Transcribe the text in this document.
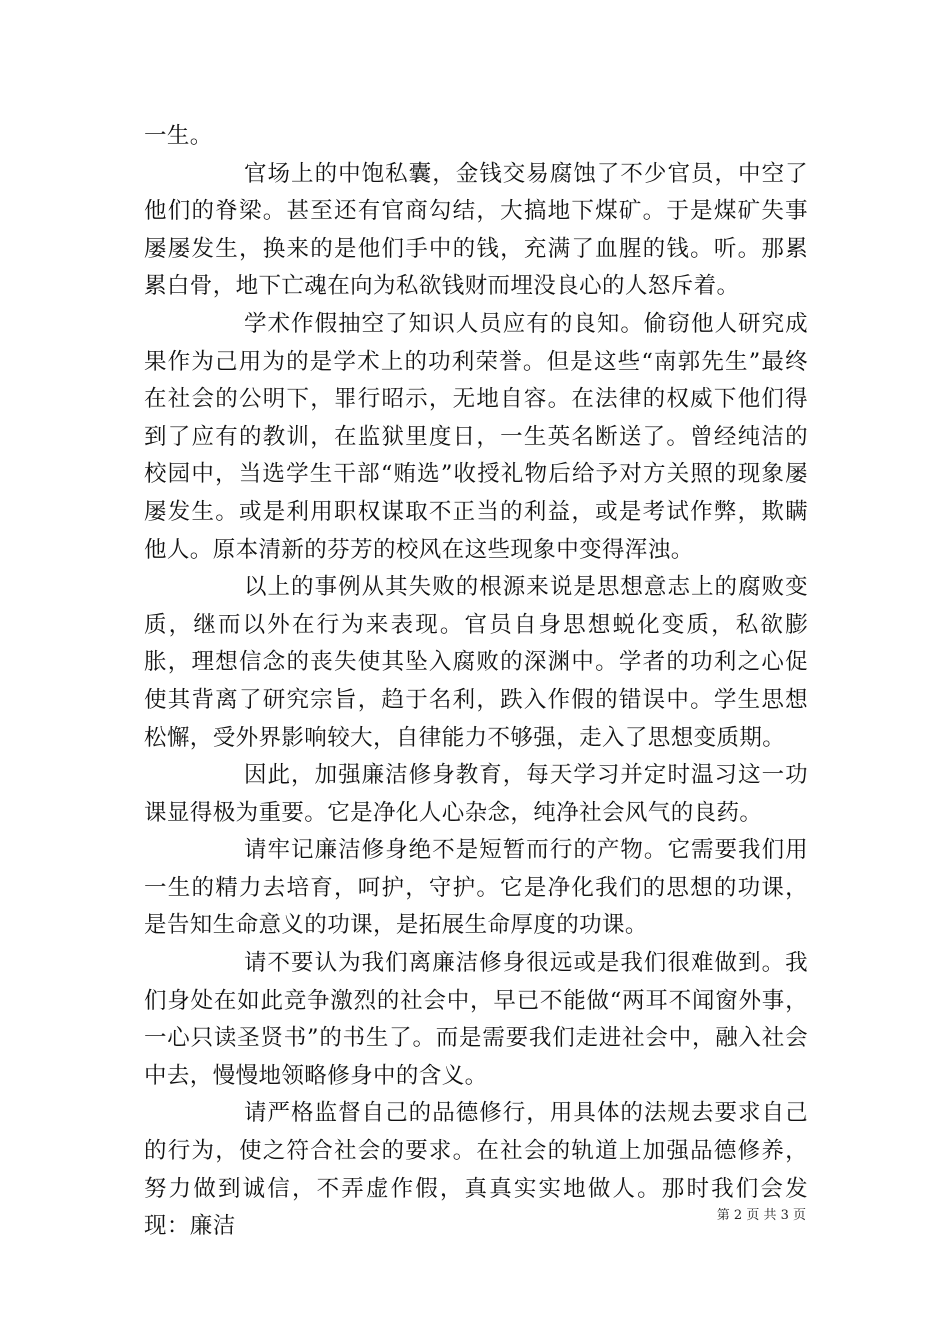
一生。

官场上的中饱私囊，金钱交易腐蚀了不少官员，中空了他们的脊梁。甚至还有官商勾结，大搞地下煤矿。于是煤矿失事屡屡发生，换来的是他们手中的钱，充满了血腥的钱。听。那累累白骨，地下亡魂在向为私欲钱财而埋没良心的人怒斥着。

学术作假抽空了知识人员应有的良知。偷窃他人研究成果作为己用为的是学术上的功利荣誉。但是这些“南郭先生”最终在社会的公明下，罪行昭示，无地自容。在法律的权威下他们得到了应有的教训，在监狱里度日，一生英名断送了。曾经纯洁的校园中，当选学生干部“贿选”收授礼物后给予对方关照的现象屡屡发生。或是利用职权谋取不正当的利益，或是考试作弊，欺瞒他人。原本清新的芬芳的校风在这些现象中变得浑浊。

以上的事例从其失败的根源来说是思想意志上的腐败变质，继而以外在行为来表现。官员自身思想蜕化变质，私欲膨胀，理想信念的丧失使其坠入腐败的深渊中。学者的功利之心促使其背离了研究宗旨，趋于名利，跌入作假的错误中。学生思想松懈，受外界影响较大，自律能力不够强，走入了思想变质期。

因此，加强廉洁修身教育，每天学习并定时温习这一功课显得极为重要。它是净化人心杂念，纯净社会风气的良药。

请牢记廉洁修身绝不是短暂而行的产物。它需要我们用一生的精力去培育，呵护，守护。它是净化我们的思想的功课，是告知生命意义的功课，是拓展生命厚度的功课。

请不要认为我们离廉洁修身很远或是我们很难做到。我们身处在如此竞争激烈的社会中，早已不能做“两耳不闻窗外事，一心只读圣贤书”的书生了。而是需要我们走进社会中，融入社会中去，慢慢地领略修身中的含义。

请严格监督自己的品德修行，用具体的法规去要求自己的行为，使之符合社会的要求。在社会的轨道上加强品德修养，努力做到诚信，不弄虚作假，真真实实地做人。那时我们会发现：廉洁	第 2 页 共 3 页
